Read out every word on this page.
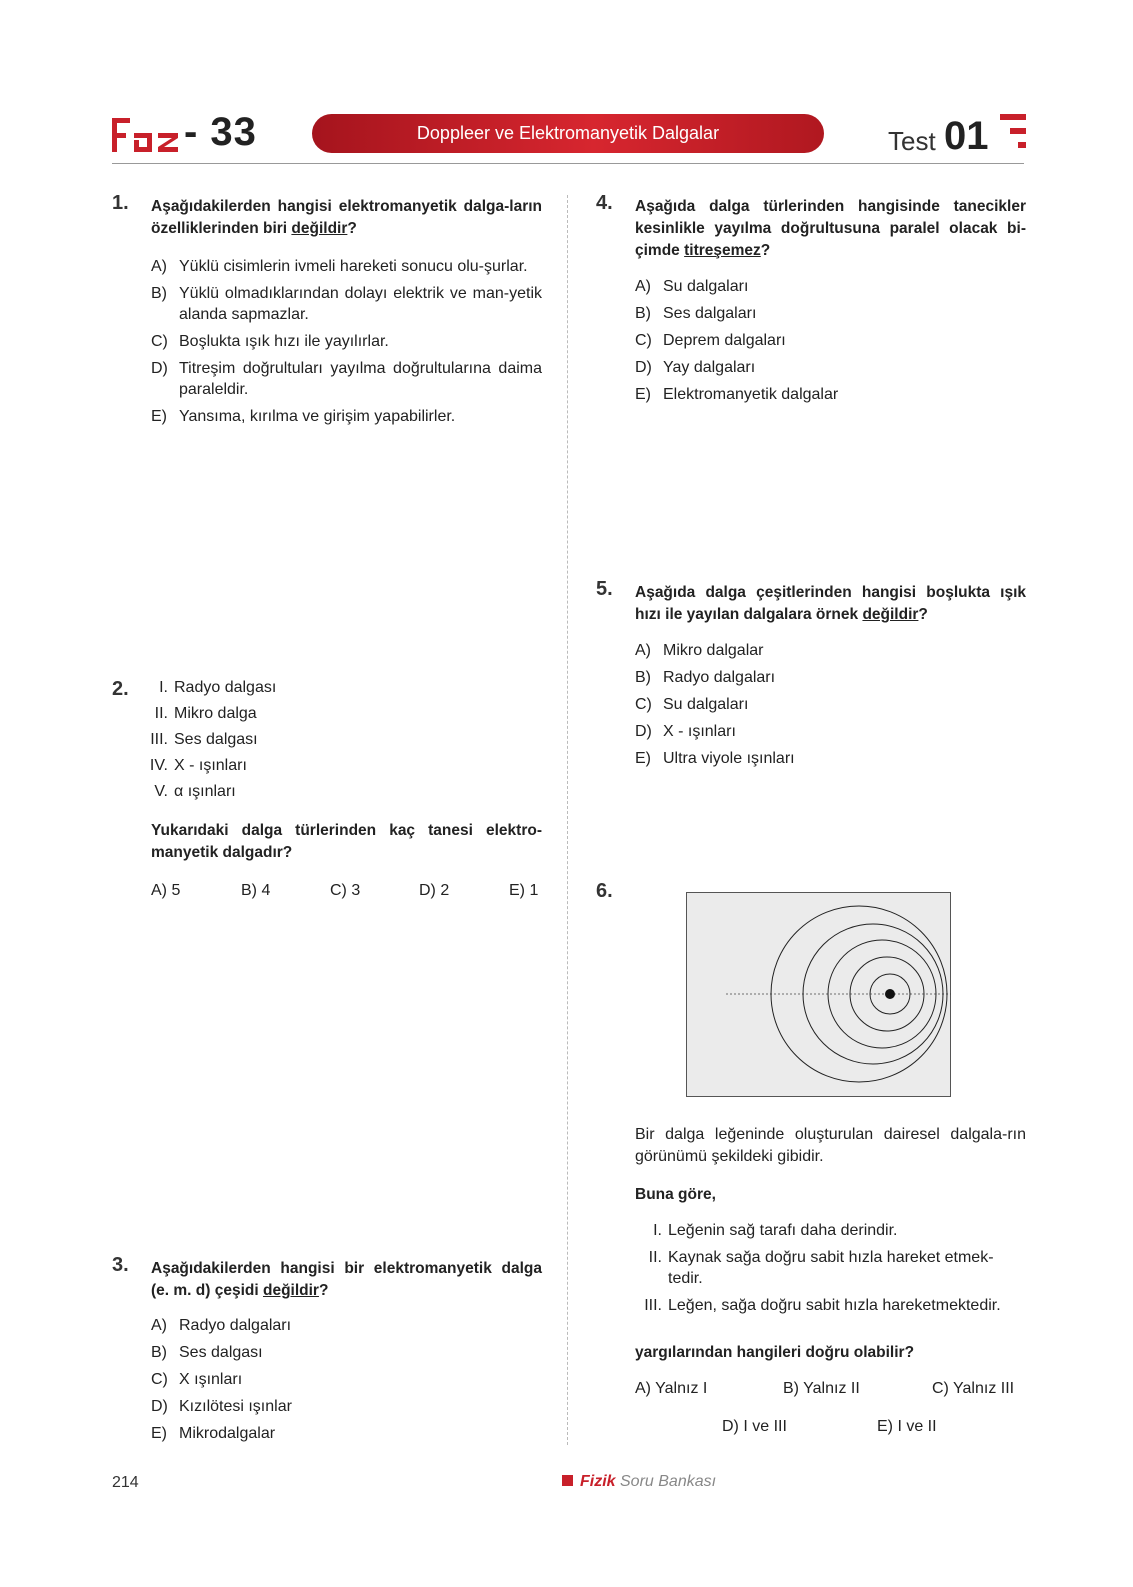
- 33	Doppleer ve Elektromanyetik Dalgalar	Test 01
1. Aşağıdakilerden hangisi elektromanyetik dalga-ların özelliklerinden biri değildir?
A) Yüklü cisimlerin ivmeli hareketi sonucu olu-şurlar.
B) Yüklü olmadıklarından dolayı elektrik ve man-yetik alanda sapmazlar.
C) Boşlukta ışık hızı ile yayılırlar.
D) Titreşim doğrultuları yayılma doğrultularına daima paraleldir.
E) Yansıma, kırılma ve girişim yapabilirler.
2.	I. Radyo dalgası
II. Mikro dalga
III. Ses dalgası
IV. X - ışınları
V. α ışınları
Yukarıdaki dalga türlerinden kaç tanesi elektro-manyetik dalgadır?
A) 5	B) 4	C) 3	D) 2	E) 1
3. Aşağıdakilerden hangisi bir elektromanyetik dalga (e. m. d) çeşidi değildir?
A) Radyo dalgaları
B) Ses dalgası
C) X ışınları
D) Kızılötesi ışınlar
E) Mikrodalgalar
4. Aşağıda dalga türlerinden hangisinde tanecikler kesinlikle yayılma doğrultusuna paralel olacak bi-çimde titreşemez?
A) Su dalgaları
B) Ses dalgaları
C) Deprem dalgaları
D) Yay dalgaları
E) Elektromanyetik dalgalar
5. Aşağıda dalga çeşitlerinden hangisi boşlukta ışık hızı ile yayılan dalgalara örnek değildir?
A) Mikro dalgalar
B) Radyo dalgaları
C) Su dalgaları
D) X - ışınları
E) Ultra viyole ışınları
6.
Bir dalga leğeninde oluşturulan dairesel dalgala-rın görünümü şekildeki gibidir.
Buna göre,
I. Leğenin sağ tarafı daha derindir.
II. Kaynak sağa doğru sabit hızla hareket etmek-tedir.
III. Leğen, sağa doğru sabit hızla hareketmektedir.
yargılarından hangileri doğru olabilir?
A) Yalnız I	B) Yalnız II	C) Yalnız III
D) I ve III	E) I ve II
214	Fizik Soru Bankası
